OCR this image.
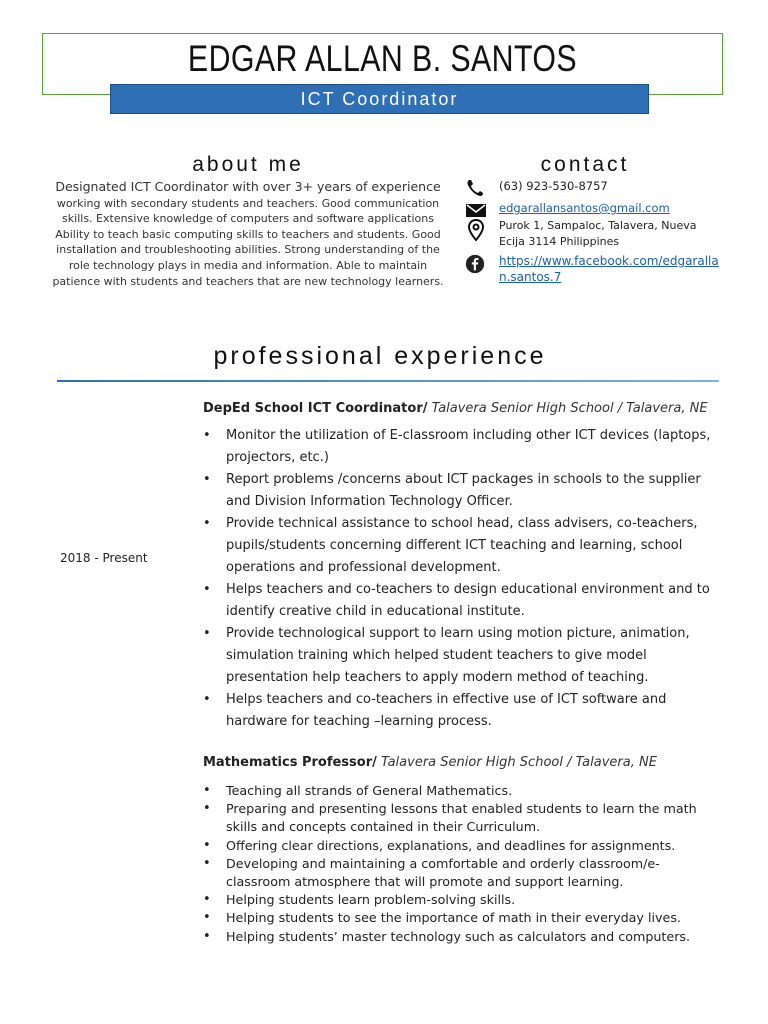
EDGAR ALLAN B. SANTOS
ICT Coordinator
about me
Designated ICT Coordinator with over 3+ years of experience
working with secondary students and teachers. Good communication skills. Extensive knowledge of computers and software applications Ability to teach basic computing skills to teachers and students. Good installation and troubleshooting abilities. Strong understanding of the role technology plays in media and information. Able to maintain patience with students and teachers that are new technology learners.
contact
(63) 923-530-8757
edgarallansantos@gmail.com
Purok 1, Sampaloc, Talavera, Nueva Ecija 3114 Philippines
https://www.facebook.com/edgarallan.santos.7
professional experience
2018 - Present
DepEd School ICT Coordinator/ Talavera Senior High School / Talavera, NE
• Monitor the utilization of E-classroom including other ICT devices (laptops, projectors, etc.)
• Report problems /concerns about ICT packages in schools to the supplier and Division Information Technology Officer.
• Provide technical assistance to school head, class advisers, co-teachers, pupils/students concerning different ICT teaching and learning, school operations and professional development.
• Helps teachers and co-teachers to design educational environment and to identify creative child in educational institute.
• Provide technological support to learn using motion picture, animation, simulation training which helped student teachers to give model presentation help teachers to apply modern method of teaching.
• Helps teachers and co-teachers in effective use of ICT software and hardware for teaching –learning process.
Mathematics Professor/ Talavera Senior High School / Talavera, NE
• Teaching all strands of General Mathematics.
• Preparing and presenting lessons that enabled students to learn the math skills and concepts contained in their Curriculum.
• Offering clear directions, explanations, and deadlines for assignments.
• Developing and maintaining a comfortable and orderly classroom/e-classroom atmosphere that will promote and support learning.
• Helping students learn problem-solving skills.
• Helping students to see the importance of math in their everyday lives.
• Helping students’ master technology such as calculators and computers.
